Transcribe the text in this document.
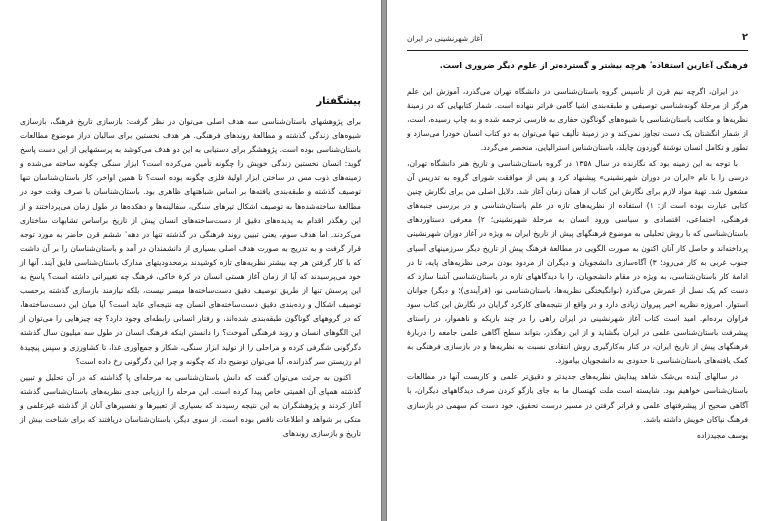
پیشگفتار

برای پژوهشهای باستان‌شناسی سه هدف اصلی می‌توان در نظر گرفت: بازسازی تاریخ فرهنگ، بازسازی شیوه‌های زندگی گذشته و مطالعهٔ روندهای فرهنگی. هر هدف نخستین برای سالیان دراز موضوع مطالعات باستان‌شناسی بوده است. پژوهشگر برای دستیابی به این دو هدف می‌کوشد به پرسشهایی از این دست پاسخ گوید: انسان نخستین زندگی خویش را چگونه تأمین می‌کرده است؟ ابزار سنگی چگونه ساخته می‌شده و زمینه‌های ذوب مس در ساختن ابزار اولیهٔ فلزی چگونه بوده است؟ تا همین اواخر، کار باستان‌شناسان تنها توصیف گذشته و طبقه‌بندی یافته‌ها بر اساس شباهتهای ظاهری بود. باستان‌شناسان با صرف وقت خود در مطالعهٔ ساخته‌شده‌ها به توصیف اشکال تیرهای سنگی، سفالینه‌ها و دهکده‌ها در طول زمان می‌پرداختند و از این رهگذر اقدام به پدیده‌های دقیق از دست‌ساخته‌های انسان پیش از تاریخ براساس تشابهات ساختاری می‌کردند. اما هدف سوم، یعنی تبیین روند فرهنگی در گذشته تنها در دهه ٔ ششم قرن حاضر به مورد توجه قرار گرفت و به تدریج به صورت هدف اصلی بسیاری از دانشمندان در آمد و باستان‌شناسان را بر آن داشت که با کار گرفتن هر چه بیشتر نظریه‌های تازه کوشیدند برمحدودیتهای مدارک باستان‌شناسی فایق آیند. آنها از خود می‌پرسیدند که آیا از زمان آغاز هستی انسان در کرهٔ خاکی، فرهنگ چه تغییراتی داشته است؟ پاسخ به این پرسش تنها از طریق توصیف دقیق دست‌ساخته‌ها میسر نیست، بلکه نیازمند بازسازی گذشته برحسب توصیف اشکال و رده‌بندی دقیق دست‌ساخته‌های انسان چه نتیجه‌ای عاید است؟ آیا میان این دست‌ساخته‌ها، که در گروههای گوناگون طبقه‌بندی شده‌اند، و رفتار انسانی رابطه‌ای وجود دارد؟ چه چیزهایی را می‌توان از این الگوهای انسان و روند فرهنگی آموخت؟ را دانستن اینکه فرهنگ انسان در طول سه میلیون سال گذشته دگرگونی شگرفی کرده و مراحلی را از تولید ابزار سنگی، شکار و جمع‌آوری غذا، تا کشاورزی و سپس پیچیدهٔ ام رزیستن سر گذرانده، آیا می‌توان توضیح داد که چگونه و چرا این دگرگونی رخ داده است؟

اکنون به جرئت می‌توان گفت که دانش باستان‌شناسی به مرحله‌ای پا گذاشته که در آن تحلیل و تبیین گذشته همپای آن اهمیتی خاص پیدا کرده است. این مرحله را ارزیابی جدی نظریه‌های باستان‌شناسی گذشته آغاز کردند و پژوهشگران به این نتیجه رسیدند که بسیاری از تعبیرها و تفسیرهای آنان از گذشته غیرعلمی و متکی بر شواهد و اطلاعات ناقص بوده است. از سوی دیگر، باستان‌شناسان دریافتند که برای شناخت بیش از تاریخ و بازسازی روندهای

آغاز شهرنشینی در ایران	۲

فرهنگی آغازین استفاده ٔ هرچه بیشتر و گسترده‌تر از علوم دیگر ضروری است.

در ایران، اگرچه نیم قرن از تأسیس گروه باستان‌شناسی در دانشگاه تهران می‌گذرد، آموزش این علم هرگز از مرحلهٔ گونه‌شناسی توصیفی و طبقه‌بندی اشیا گامی فراتر ننهاده است. شمار کتابهایی که در زمینهٔ نظریه‌ها و مکاتب باستان‌شناسی یا شیوه‌های گوناگون حفاری به فارسی ترجمه شده و به چاپ رسیده، است، از شمار انگشتان یک دست تجاوز نمی‌کند و در زمینهٔ تألیف تنها می‌توان به دو کتاب انسان خودرا می‌سازد و تطور و تکامل انسان نوشتهٔ گوردون چایلد، باستان‌شناس استرالیایی، منحصر می‌گردد.

با توجه به این زمینه بود که نگارنده در سال ۱۳۵۸ در گروه باستان‌شناسی و تاریخ هنر دانشگاه تهران، درسی را با نام «ایران در دوران شهرنشینی» پیشنهاد کرد و پس از موافقت شورای گروه به تدریس آن مشغول شد. تهیهٔ مواد لازم برای نگارش این کتاب از همان زمان آغاز شد. دلایل اصلی من برای نگارش چنین کتابی عبارت بوده است از: ۱) استفاده از نظریه‌های تازه در علم باستان‌شناسی و در بررسی جنبه‌های فرهنگی، اجتماعی، اقتصادی و سیاسی ورود انسان به مرحلهٔ شهرنشینی؛ ۲) معرفی دستاوردهای باستان‌شناسی که با روش تحلیلی به موضوع فرهنگهای پیش از تاریخ ایران به ویژه در آغاز دوران شهرنشینی پرداخته‌اند و حاصل کار آنان اکنون به صورت الگویی در مطالعهٔ فرهنگ پیش از تاریخ دیگر سرزمینهای آسیای جنوب غربی به کار می‌رود؛ ۳) آگاه‌سازی دانشجویان و دیگران از مردود بودن برخی نظریه‌های پایه، تا در ادامهٔ کار باستان‌شناسی، به ویژه در مقام دانشجویان، را با دیدگاههای تازه در باستان‌شناسی آشنا سازد که دست کم یک نسل از عمرش می‌گذرد (نوانگیختگی نظریه‌ها، باستان‌شناسی نو، (فرآیندی)؛ و دیگر) جوانان استوار. امروزه نظریه اخیر پیروان زیادی دارد و در واقع از نتیجه‌های کارکرد گرایان در نگارش این کتاب سود فراوان برده‌ام. امید است کتاب آغاز شهرنشینی در ایران راهی را در چند باریکه و ناهموار، در راستای پیشرفت باستان‌شناسی علمی در ایران بگشاید و از این رهگذر، بتواند سطح آگاهی علمی جامعه را دربارهٔ فرهنگهای پیش از تاریخ ایران، در کنار به‌کارگیری روش انتقادی نسبت به نظریه‌ها و در بازسازی فرهنگی به کمک یافته‌های باستان‌شناسی تا حدودی به دانشجویان بیاموزد.

در سالهای آینده بی‌شک شاهد پیدایش نظریه‌های جدیدتر و دقیق‌تر علمی و کاربست آنها در مطالعات باستان‌شناسی خواهیم بود. شایسته است ملت کهنسال ما به جای بازگو کردن صرف دیدگاههای دیگران، با آگاهی صحیح از پیشرفتهای علمی و فراتر گرفتن در مسیر درست تحقیق، خود دست کم سهمی در بازسازی فرهنگ نیاکان خویش داشته باشد.

یوسف مجیدزاده
